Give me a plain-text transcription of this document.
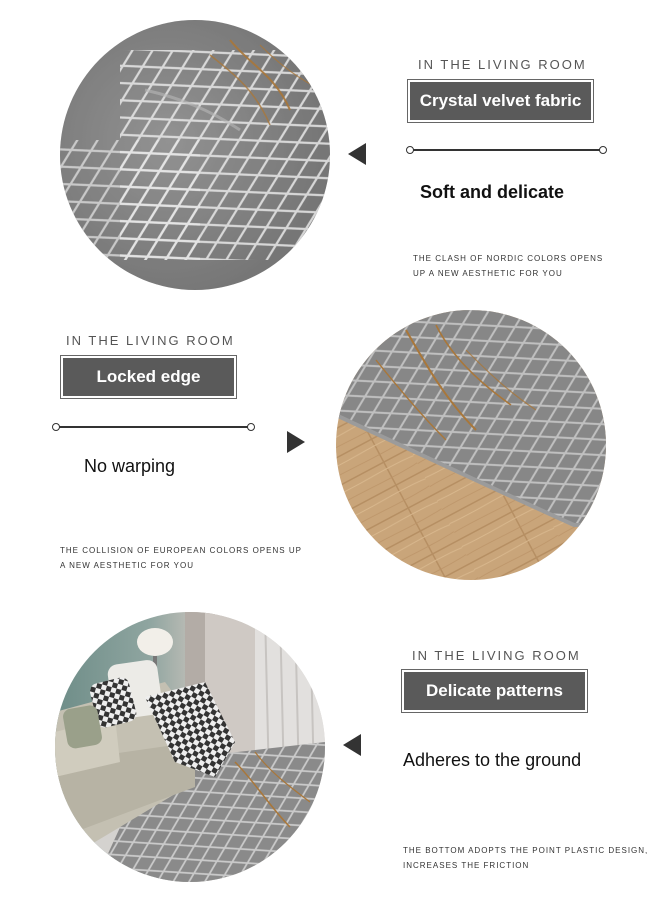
IN THE LIVING ROOM
Crystal velvet fabric
Soft and delicate
THE CLASH OF NORDIC COLORS OPENS
UP A NEW AESTHETIC FOR YOU
IN THE LIVING ROOM
Locked edge
No warping
THE COLLISION OF EUROPEAN COLORS OPENS UP
A NEW AESTHETIC FOR YOU
IN THE LIVING ROOM
Delicate patterns
Adheres to the ground
THE BOTTOM ADOPTS THE POINT PLASTIC DESIGN,
INCREASES THE FRICTION
